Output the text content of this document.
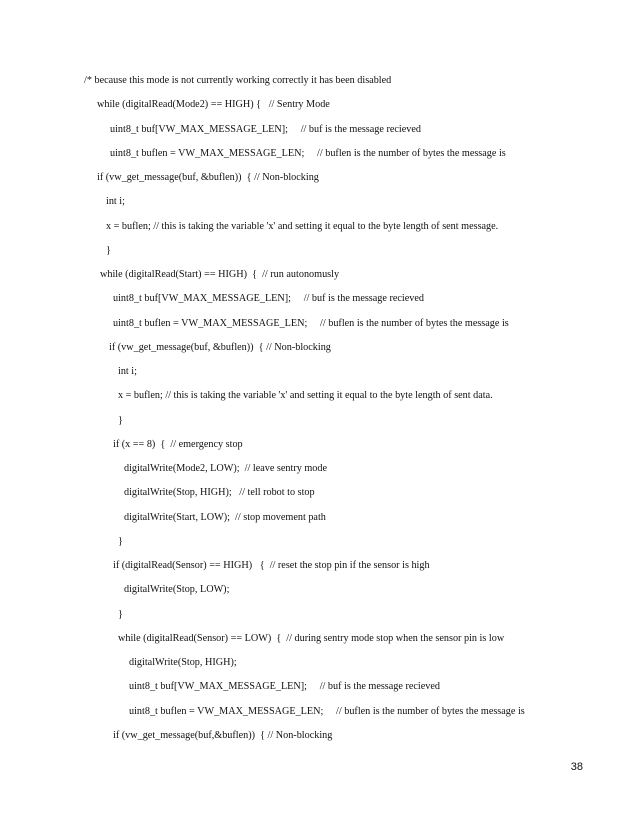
/* because this mode is not currently working correctly it has been disabled
while (digitalRead(Mode2) == HIGH) {   // Sentry Mode
uint8_t buf[VW_MAX_MESSAGE_LEN];     // buf is the message recieved
uint8_t buflen = VW_MAX_MESSAGE_LEN;     // buflen is the number of bytes the message is
if (vw_get_message(buf, &buflen))  { // Non-blocking
int i;
x = buflen; // this is taking the variable 'x' and setting it equal to the byte length of sent message.
}
while (digitalRead(Start) == HIGH)  {  // run autonomusly
uint8_t buf[VW_MAX_MESSAGE_LEN];     // buf is the message recieved
uint8_t buflen = VW_MAX_MESSAGE_LEN;     // buflen is the number of bytes the message is
if (vw_get_message(buf, &buflen))  { // Non-blocking
int i;
x = buflen; // this is taking the variable 'x' and setting it equal to the byte length of sent data.
}
if (x == 8)  {  // emergency stop
digitalWrite(Mode2, LOW);  // leave sentry mode
digitalWrite(Stop, HIGH);   // tell robot to stop
digitalWrite(Start, LOW);  // stop movement path
}
if (digitalRead(Sensor) == HIGH)   {  // reset the stop pin if the sensor is high
digitalWrite(Stop, LOW);
}
while (digitalRead(Sensor) == LOW)  {  // during sentry mode stop when the sensor pin is low
digitalWrite(Stop, HIGH);
uint8_t buf[VW_MAX_MESSAGE_LEN];     // buf is the message recieved
uint8_t buflen = VW_MAX_MESSAGE_LEN;     // buflen is the number of bytes the message is
if (vw_get_message(buf,&buflen))  { // Non-blocking
38
